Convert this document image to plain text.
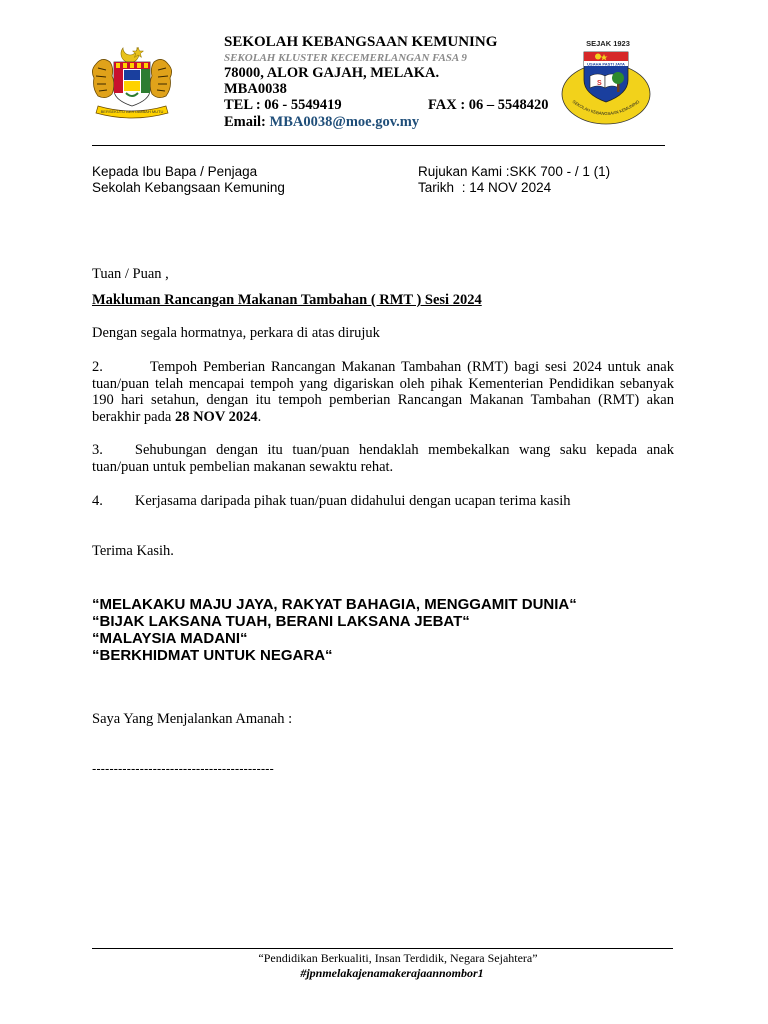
BERSEKUTU BERTAMBAH MUTU
SEKOLAH KEBANGSAAN KEMUNING
SEKOLAH KLUSTER KECEMERLANGAN FASA 9
78000, ALOR GAJAH, MELAKA.
MBA0038
TEL : 06 - 5549419	FAX : 06 – 5548420
Email: MBA0038@moe.gov.my
SEJAK 1923
USAHA PASTI JAYA
S
SEKOLAH KEBANGSAAN KEMUNING
Kepada Ibu Bapa / Penjaga
Sekolah Kebangsaan Kemuning
Rujukan Kami :SKK 700 - / 1 (1)
Tarikh : 14 NOV 2024
Tuan / Puan ,
Makluman Rancangan Makanan Tambahan ( RMT ) Sesi 2024
Dengan segala hormatnya, perkara di atas dirujuk
2.	Tempoh Pemberian Rancangan Makanan Tambahan (RMT) bagi sesi 2024 untuk anak tuan/puan telah mencapai tempoh yang digariskan oleh pihak Kementerian Pendidikan sebanyak 190 hari setahun, dengan itu tempoh pemberian Rancangan Makanan Tambahan (RMT) akan berakhir pada 28 NOV 2024.
3. Sehubungan dengan itu tuan/puan hendaklah membekalkan wang saku kepada anak tuan/puan untuk pembelian makanan sewaktu rehat.
4. Kerjasama daripada pihak tuan/puan didahului dengan ucapan terima kasih
Terima Kasih.
“MELAKAKU MAJU JAYA, RAKYAT BAHAGIA, MENGGAMIT DUNIA“
“BIJAK LAKSANA TUAH, BERANI LAKSANA JEBAT“
“MALAYSIA MADANI“
“BERKHIDMAT UNTUK NEGARA“
Saya Yang Menjalankan Amanah :
------------------------------------------
“Pendidikan Berkualiti, Insan Terdidik, Negara Sejahtera”
#jpnmelakajenamakerajaannombor1
